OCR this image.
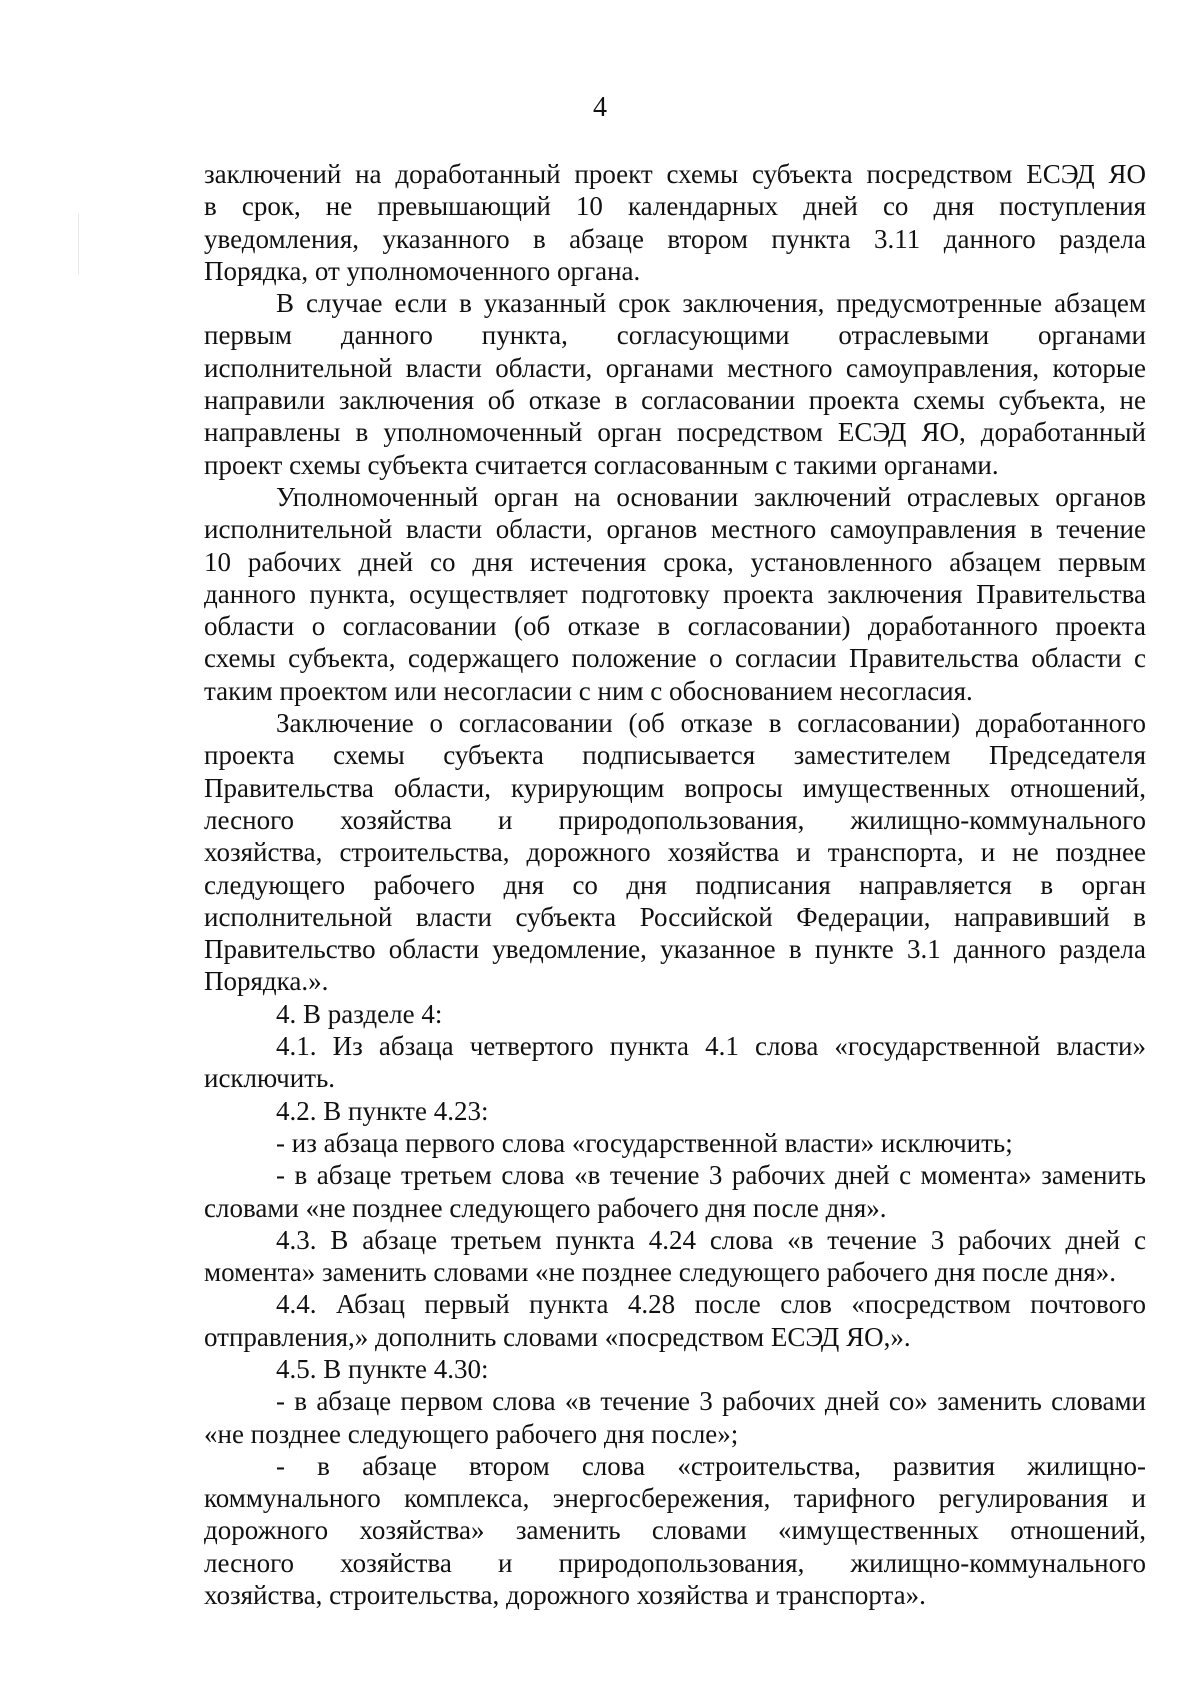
4
заключений на доработанный проект схемы субъекта посредством ЕСЭД ЯО
в срок, не превышающий 10 календарных дней со дня поступления
уведомления, указанного в абзаце втором пункта 3.11 данного раздела
Порядка, от уполномоченного органа.
В случае если в указанный срок заключения, предусмотренные абзацем
первым данного пункта, согласующими отраслевыми органами
исполнительной власти области, органами местного самоуправления, которые
направили заключения об отказе в согласовании проекта схемы субъекта, не
направлены в уполномоченный орган посредством ЕСЭД ЯО, доработанный
проект схемы субъекта считается согласованным с такими органами.
Уполномоченный орган на основании заключений отраслевых органов
исполнительной власти области, органов местного самоуправления в течение
10 рабочих дней со дня истечения срока, установленного абзацем первым
данного пункта, осуществляет подготовку проекта заключения Правительства
области о согласовании (об отказе в согласовании) доработанного проекта
схемы субъекта, содержащего положение о согласии Правительства области с
таким проектом или несогласии с ним с обоснованием несогласия.
Заключение о согласовании (об отказе в согласовании) доработанного
проекта схемы субъекта подписывается заместителем Председателя
Правительства области, курирующим вопросы имущественных отношений,
лесного хозяйства и природопользования, жилищно-коммунального
хозяйства, строительства, дорожного хозяйства и транспорта, и не позднее
следующего рабочего дня со дня подписания направляется в орган
исполнительной власти субъекта Российской Федерации, направивший в
Правительство области уведомление, указанное в пункте 3.1 данного раздела
Порядка.».
4. В разделе 4:
4.1. Из абзаца четвертого пункта 4.1 слова «государственной власти»
исключить.
4.2. В пункте 4.23:
- из абзаца первого слова «государственной власти» исключить;
- в абзаце третьем слова «в течение 3 рабочих дней с момента» заменить
словами «не позднее следующего рабочего дня после дня».
4.3. В абзаце третьем пункта 4.24 слова «в течение 3 рабочих дней с
момента» заменить словами «не позднее следующего рабочего дня после дня».
4.4. Абзац первый пункта 4.28 после слов «посредством почтового
отправления,» дополнить словами «посредством ЕСЭД ЯО,».
4.5. В пункте 4.30:
- в абзаце первом слова «в течение 3 рабочих дней со» заменить словами
«не позднее следующего рабочего дня после»;
- в абзаце втором слова «строительства, развития жилищно-
коммунального комплекса, энергосбережения, тарифного регулирования и
дорожного хозяйства» заменить словами «имущественных отношений,
лесного хозяйства и природопользования, жилищно-коммунального
хозяйства, строительства, дорожного хозяйства и транспорта».
